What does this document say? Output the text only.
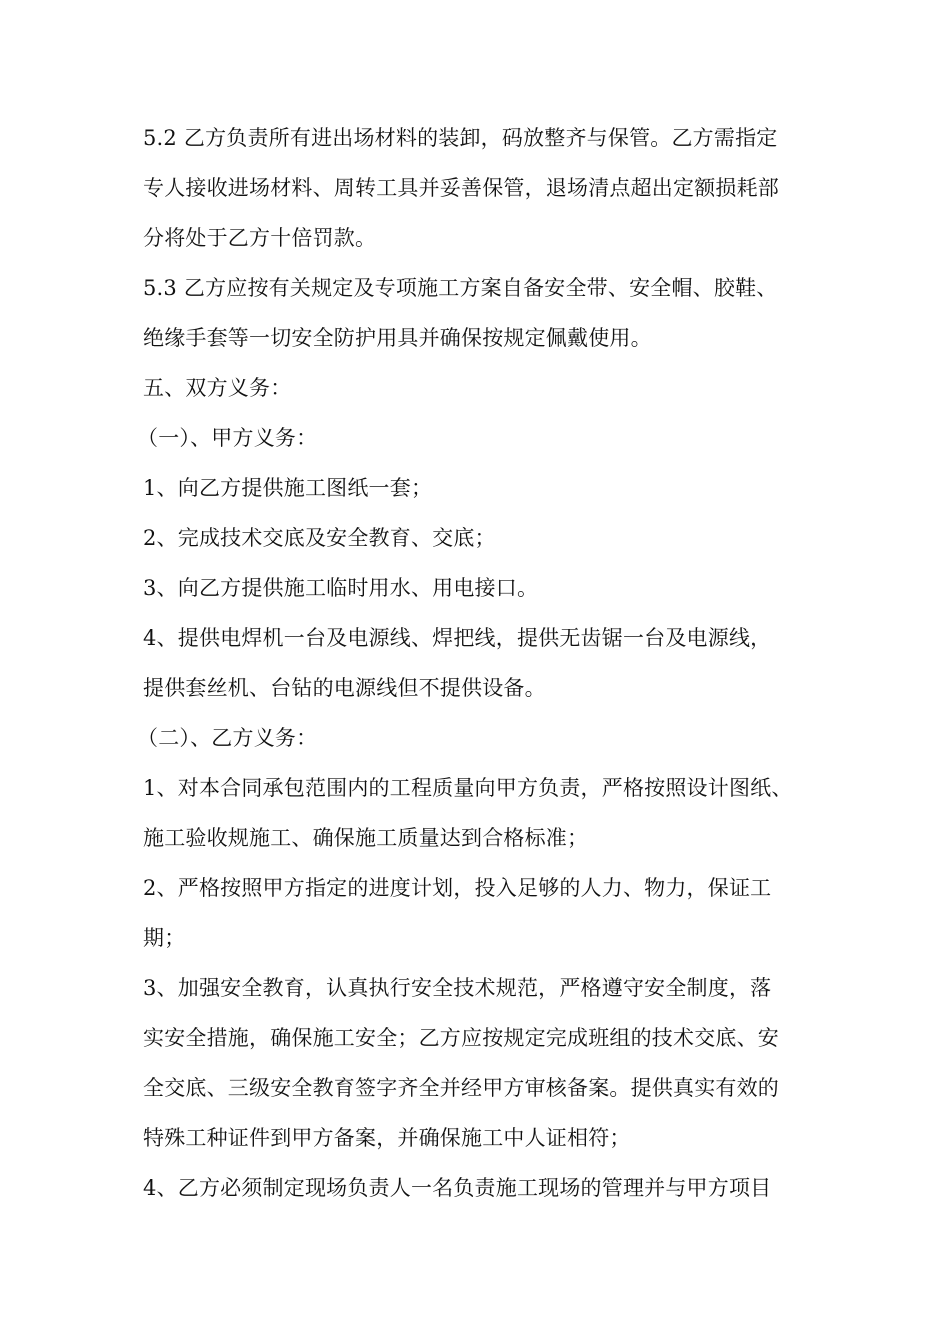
5.2 乙方负责所有进出场材料的装卸，码放整齐与保管。乙方需指定
专人接收进场材料、周转工具并妥善保管，退场清点超出定额损耗部
分将处于乙方十倍罚款。
5.3 乙方应按有关规定及专项施工方案自备安全带、安全帽、胶鞋、
绝缘手套等一切安全防护用具并确保按规定佩戴使用。
五、双方义务：
（一）、甲方义务：
1、向乙方提供施工图纸一套；
2、完成技术交底及安全教育、交底；
3、向乙方提供施工临时用水、用电接口。
4、提供电焊机一台及电源线、焊把线，提供无齿锯一台及电源线，
提供套丝机、台钻的电源线但不提供设备。
（二）、乙方义务：
1、对本合同承包范围内的工程质量向甲方负责，严格按照设计图纸、
施工验收规施工、确保施工质量达到合格标准；
2、严格按照甲方指定的进度计划，投入足够的人力、物力，保证工
期；
3、加强安全教育，认真执行安全技术规范，严格遵守安全制度，落
实安全措施，确保施工安全；乙方应按规定完成班组的技术交底、安
全交底、三级安全教育签字齐全并经甲方审核备案。提供真实有效的
特殊工种证件到甲方备案，并确保施工中人证相符；
4、乙方必须制定现场负责人一名负责施工现场的管理并与甲方项目
